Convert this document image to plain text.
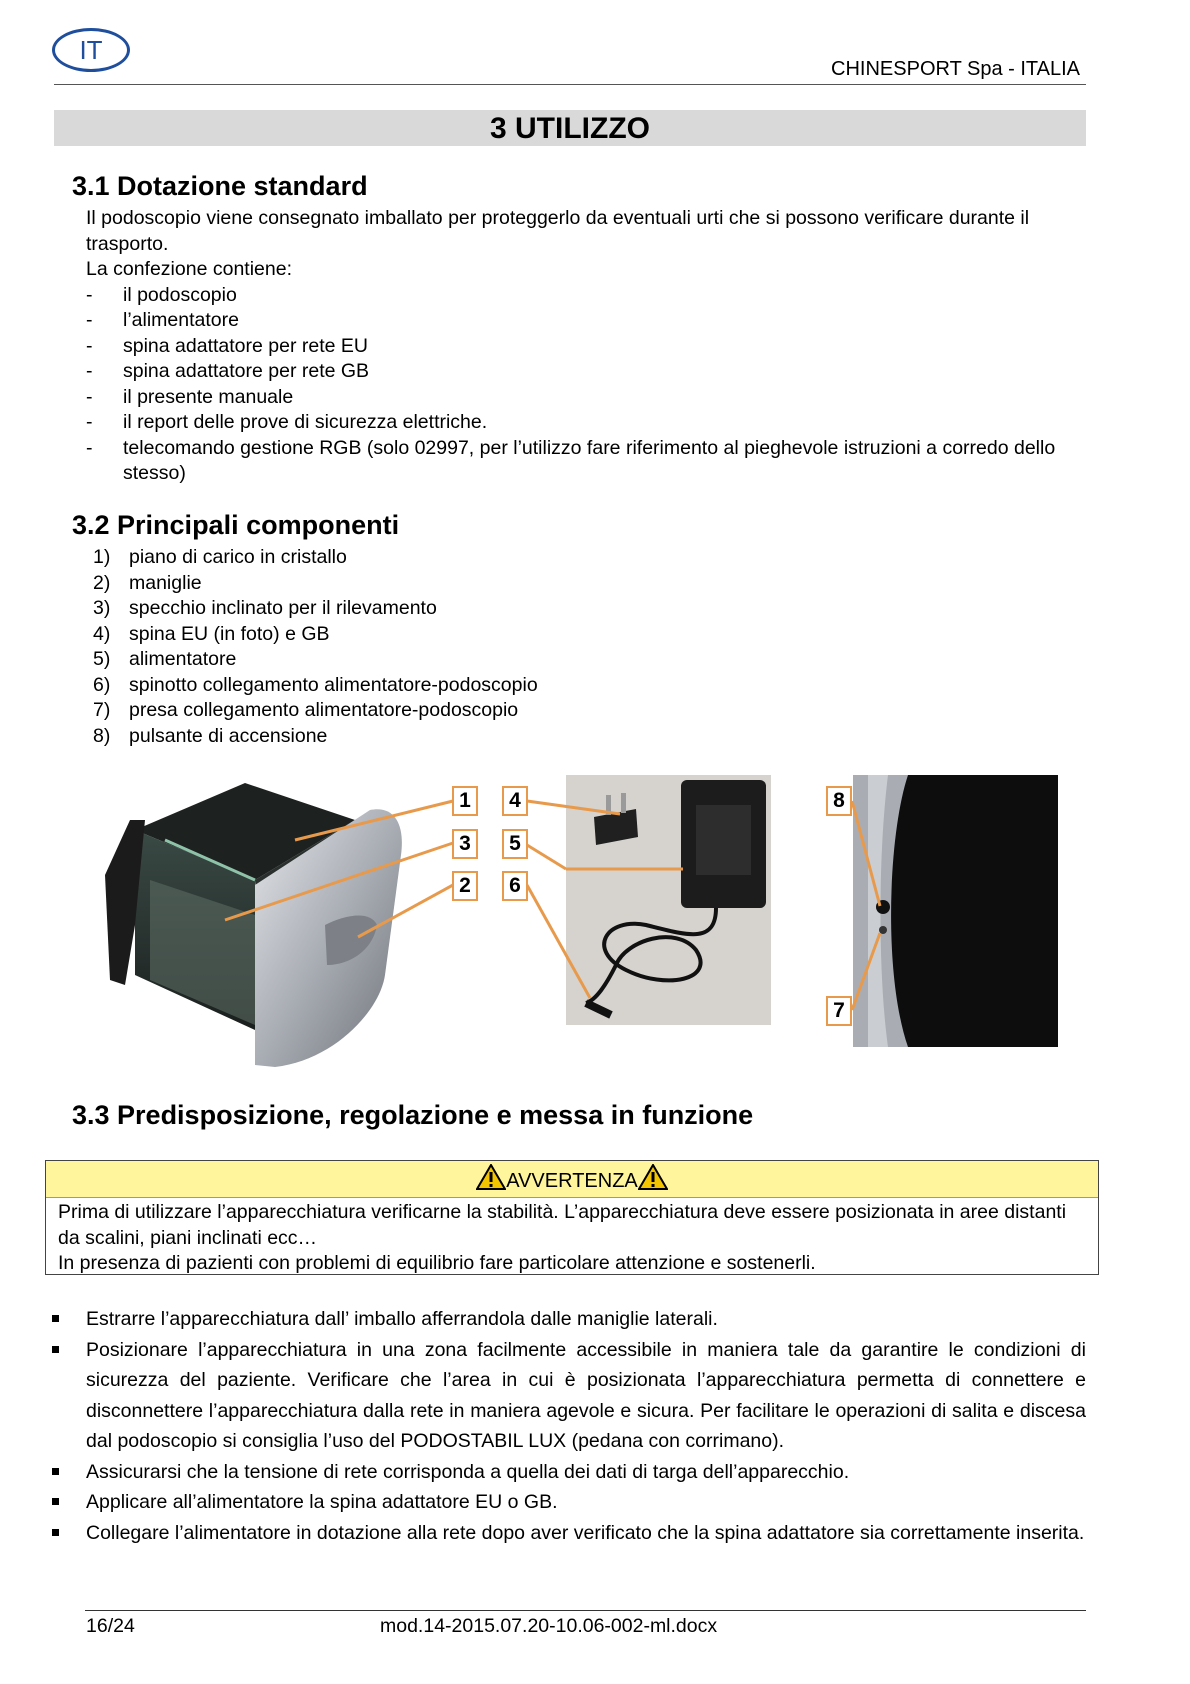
IT
CHINESPORT Spa - ITALIA
3 UTILIZZO
3.1 Dotazione standard
Il podoscopio viene consegnato imballato per proteggerlo da eventuali urti che si possono verificare durante il trasporto.
La confezione contiene:
- il podoscopio
- l’alimentatore
- spina adattatore per rete EU
- spina adattatore per rete GB
- il presente manuale
- il report delle prove di sicurezza elettriche.
- telecomando gestione RGB (solo 02997, per l’utilizzo fare riferimento al pieghevole istruzioni a corredo dello stesso)
3.2 Principali componenti
1) piano di carico in cristallo
2) maniglie
3) specchio inclinato per il rilevamento
4) spina EU (in foto) e GB
5) alimentatore
6) spinotto collegamento alimentatore-podoscopio
7) presa collegamento alimentatore-podoscopio
8) pulsante di accensione
1
3
2
4
5
6
8
7
3.3 Predisposizione, regolazione e messa in funzione
AVVERTENZA
Prima di utilizzare l’apparecchiatura verificarne la stabilità. L’apparecchiatura deve essere posizionata in aree distanti da scalini, piani inclinati ecc…
In presenza di pazienti con problemi di equilibrio fare particolare attenzione e sostenerli.
Estrarre l’apparecchiatura dall’ imballo afferrandola dalle maniglie laterali.
Posizionare l’apparecchiatura in una zona facilmente accessibile in maniera tale da garantire le condizioni di sicurezza del paziente. Verificare che l’area in cui è posizionata l’apparecchiatura permetta di connettere e disconnettere l’apparecchiatura dalla rete in maniera agevole e sicura. Per facilitare le operazioni di salita e discesa dal podoscopio si consiglia l’uso del PODOSTABIL LUX (pedana con corrimano).
Assicurarsi che la tensione di rete corrisponda a quella dei dati di targa dell’apparecchio.
Applicare all’alimentatore la spina adattatore EU o GB.
Collegare l’alimentatore in dotazione alla rete dopo aver verificato che la spina adattatore sia correttamente inserita.
16/24	mod.14-2015.07.20-10.06-002-ml.docx
